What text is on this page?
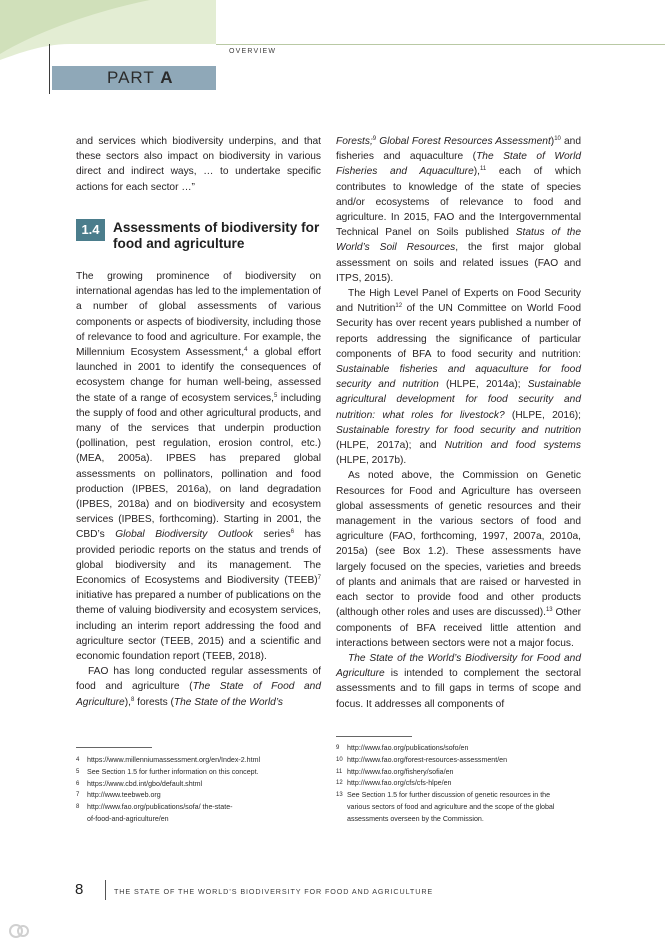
OVERVIEW
PART A

and services which biodiversity underpins, and that these sectors also impact on biodiversity in various direct and indirect ways, … to undertake specific actions for each sector …”

1.4 Assessments of biodiversity for food and agriculture

The growing prominence of biodiversity on international agendas has led to the implementation of a number of global assessments of various components or aspects of biodiversity, including those of relevance to food and agriculture. For example, the Millennium Ecosystem Assessment,$^4$ a global effort launched in 2001 to identify the consequences of ecosystem change for human well-being, assessed the state of a range of ecosystem services,$^5$ including the supply of food and other agricultural products, and many of the services that underpin production (pollination, pest regulation, erosion control, etc.) (MEA, 2005a). IPBES has prepared global assessments on pollinators, pollination and food production (IPBES, 2016a), on land degradation (IPBES, 2018a) and on biodiversity and ecosystem services (IPBES, forthcoming). Starting in 2001, the CBD’s Global Biodiversity Outlook series$^6$ has provided periodic reports on the status and trends of global biodiversity and its management. The Economics of Ecosystems and Biodiversity (TEEB)$^7$ initiative has prepared a number of publications on the theme of valuing biodiversity and ecosystem services, including an interim report addressing the food and agriculture sector (TEEB, 2015) and a scientific and economic foundation report (TEEB, 2018).

FAO has long conducted regular assessments of food and agriculture (The State of Food and Agriculture),$^8$ forests (The State of the World’s

Forests;$^9$ Global Forest Resources Assessment)$^{10}$ and fisheries and aquaculture (The State of World Fisheries and Aquaculture),$^{11}$ each of which contributes to knowledge of the state of species and/or ecosystems of relevance to food and agriculture. In 2015, FAO and the Intergovernmental Technical Panel on Soils published Status of the World’s Soil Resources, the first major global assessment on soils and related issues (FAO and ITPS, 2015).

The High Level Panel of Experts on Food Security and Nutrition$^{12}$ of the UN Committee on World Food Security has over recent years published a number of reports addressing the significance of particular components of BFA to food security and nutrition: Sustainable fisheries and aquaculture for food security and nutrition (HLPE, 2014a); Sustainable agricultural development for food security and nutrition: what roles for livestock? (HLPE, 2016); Sustainable forestry for food security and nutrition (HLPE, 2017a); and Nutrition and food systems (HLPE, 2017b).

As noted above, the Commission on Genetic Resources for Food and Agriculture has overseen global assessments of genetic resources and their management in the various sectors of food and agriculture (FAO, forthcoming, 1997, 2007a, 2010a, 2015a) (see Box 1.2). These assessments have largely focused on the species, varieties and breeds of plants and animals that are raised or harvested in each sector to provide food and other products (although other roles and uses are discussed).$^{13}$ Other components of BFA received little attention and interactions between sectors were not a major focus.

The State of the World’s Biodiversity for Food and Agriculture is intended to complement the sectoral assessments and to fill gaps in terms of scope and focus. It addresses all components of

4	https://www.millenniumassessment.org/en/Index-2.html
5	See Section 1.5 for further information on this concept.
6	https://www.cbd.int/gbo/default.shtml
7	http://www.teebweb.org
8	http://www.fao.org/publications/sofa/ the-state-of-food-and-agriculture/en
9	http://www.fao.org/publications/sofo/en
10 http://www.fao.org/forest-resources-assessment/en
11 http://www.fao.org/fishery/sofia/en
12 http://www.fao.org/cfs/cfs-hlpe/en
13 See Section 1.5 for further discussion of genetic resources in the various sectors of food and agriculture and the scope of the global assessments overseen by the Commission.
8	THE STATE OF THE WORLD’S BIODIVERSITY FOR FOOD AND AGRICULTURE
